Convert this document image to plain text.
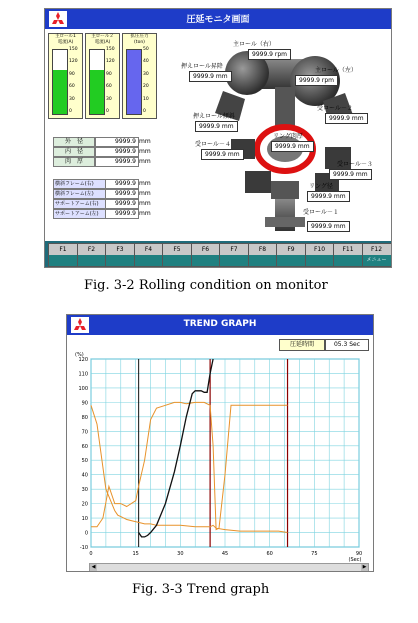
圧延モニタ画面
主ロール1
電流(A)
150
120
90
60
30
0
主ロール２
電流(A)
150
120
90
60
30
0
拡圧圧力
(ton)
50
40
30
20
10
0
外　径	9999.9 mm
内　径	9999.9 mm
肉　厚	9999.9 mm
横斜フレーム(右)	9999.9 mm
横斜フレーム(左)	9999.9 mm
サポートアーム(右)	9999.9 mm
サポートアーム(左)	9999.9 mm
主ロール（右）
9999.9 rpm
主ロール（左）
9999.9 rpm
押えロール昇降
9999.9 mm
押えロール傾斜
9999.9 mm
受ロール－２
9999.9 mm
リング肉厚
9999.9 mm
受ロール－４
9999.9 mm
受ロール－３
9999.9 mm
リング径
9999.9 mm
受ロール－１
9999.9 mm
F1	F2	F3	F4	F5	F6	F7	F8	F9	F10	F11	F12
メニュー
Fig. 3-2 Rolling condition on monitor
TREND GRAPH
圧延時間	05.3 Sec
120
110
100
90
80
70
60
50
40
30
20
10
0
-10
0	15	30	45	60	75	90
(%)
(Sec)
◀	▶
Fig. 3-3 Trend graph
